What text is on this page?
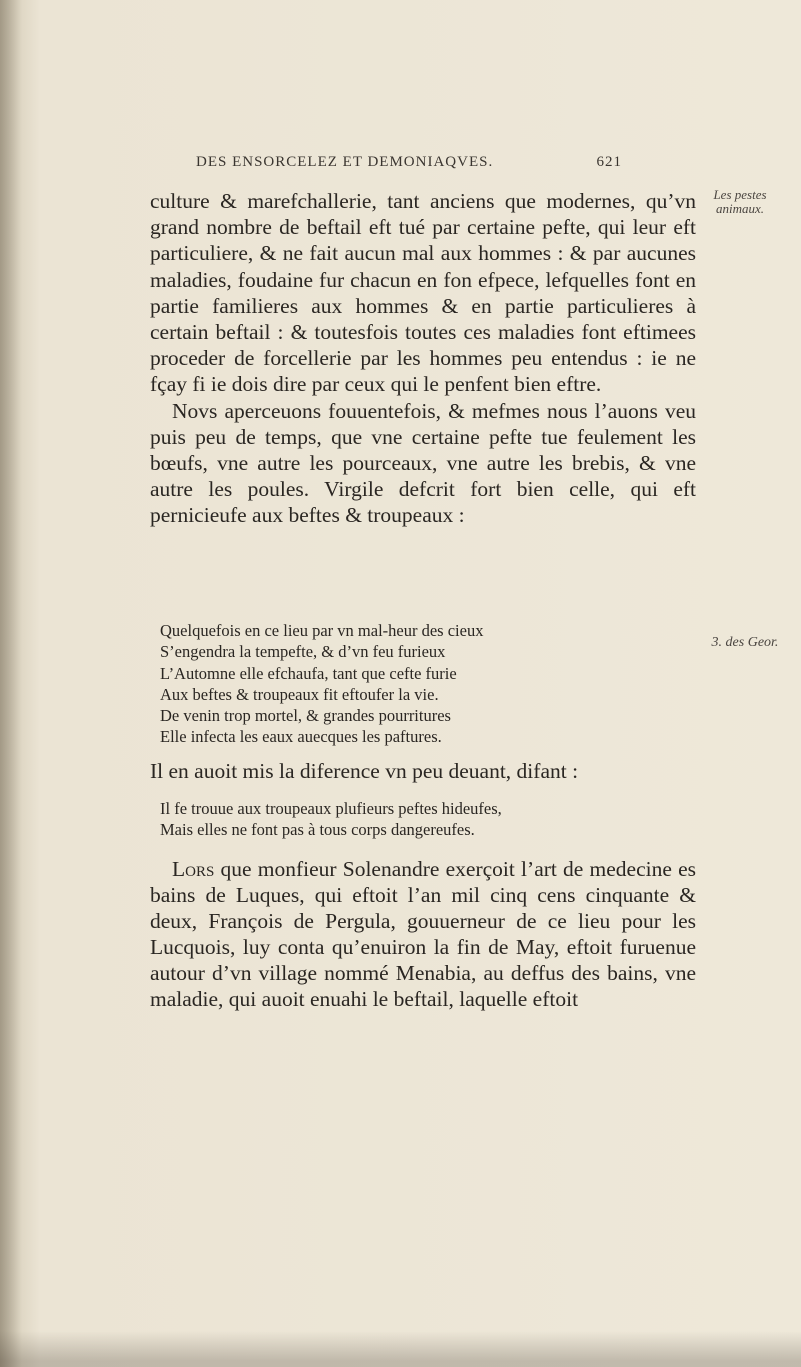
DES ENSORCELEZ ET DEMONIAQVES.	621
Les pestes animaux.
3. des Geor.

culture & marefchallerie, tant anciens que modernes, qu’vn grand nombre de beftail eft tué par certaine pefte, qui leur eft particuliere, & ne fait aucun mal aux hommes : & par aucunes maladies, foudaine fur chacun en fon efpece, lefquelles font en partie familieres aux hommes & en partie particulieres à certain beftail : & toutesfois toutes ces maladies font eftimees proceder de forcellerie par les hommes peu entendus : ie ne fçay fi ie dois dire par ceux qui le penfent bien eftre.

Novs aperceuons fouuentefois, & mefmes nous l’auons veu puis peu de temps, que vne certaine pefte tue feulement les bœufs, vne autre les pourceaux, vne autre les brebis, & vne autre les poules. Virgile defcrit fort bien celle, qui eft pernicieufe aux beftes & troupeaux :

Quelquefois en ce lieu par vn mal-heur des cieux
S’engendra la tempefte, & d’vn feu furieux
L’Automne elle efchaufa, tant que cefte furie
Aux beftes & troupeaux fit eftoufer la vie.
De venin trop mortel, & grandes pourritures
Elle infecta les eaux auecques les paftures.
Il en auoit mis la diference vn peu deuant, difant :
Il fe trouue aux troupeaux plufieurs peftes hideufes,
Mais elles ne font pas à tous corps dangereufes.

Lors que monfieur Solenandre exerçoit l’art de medecine es bains de Luques, qui eftoit l’an mil cinq cens cinquante & deux, François de Pergula, gouuerneur de ce lieu pour les Lucquois, luy conta qu’enuiron la fin de May, eftoit furuenue autour d’vn village nommé Menabia, au deffus des bains, vne maladie, qui auoit enuahi le beftail, laquelle eftoit
